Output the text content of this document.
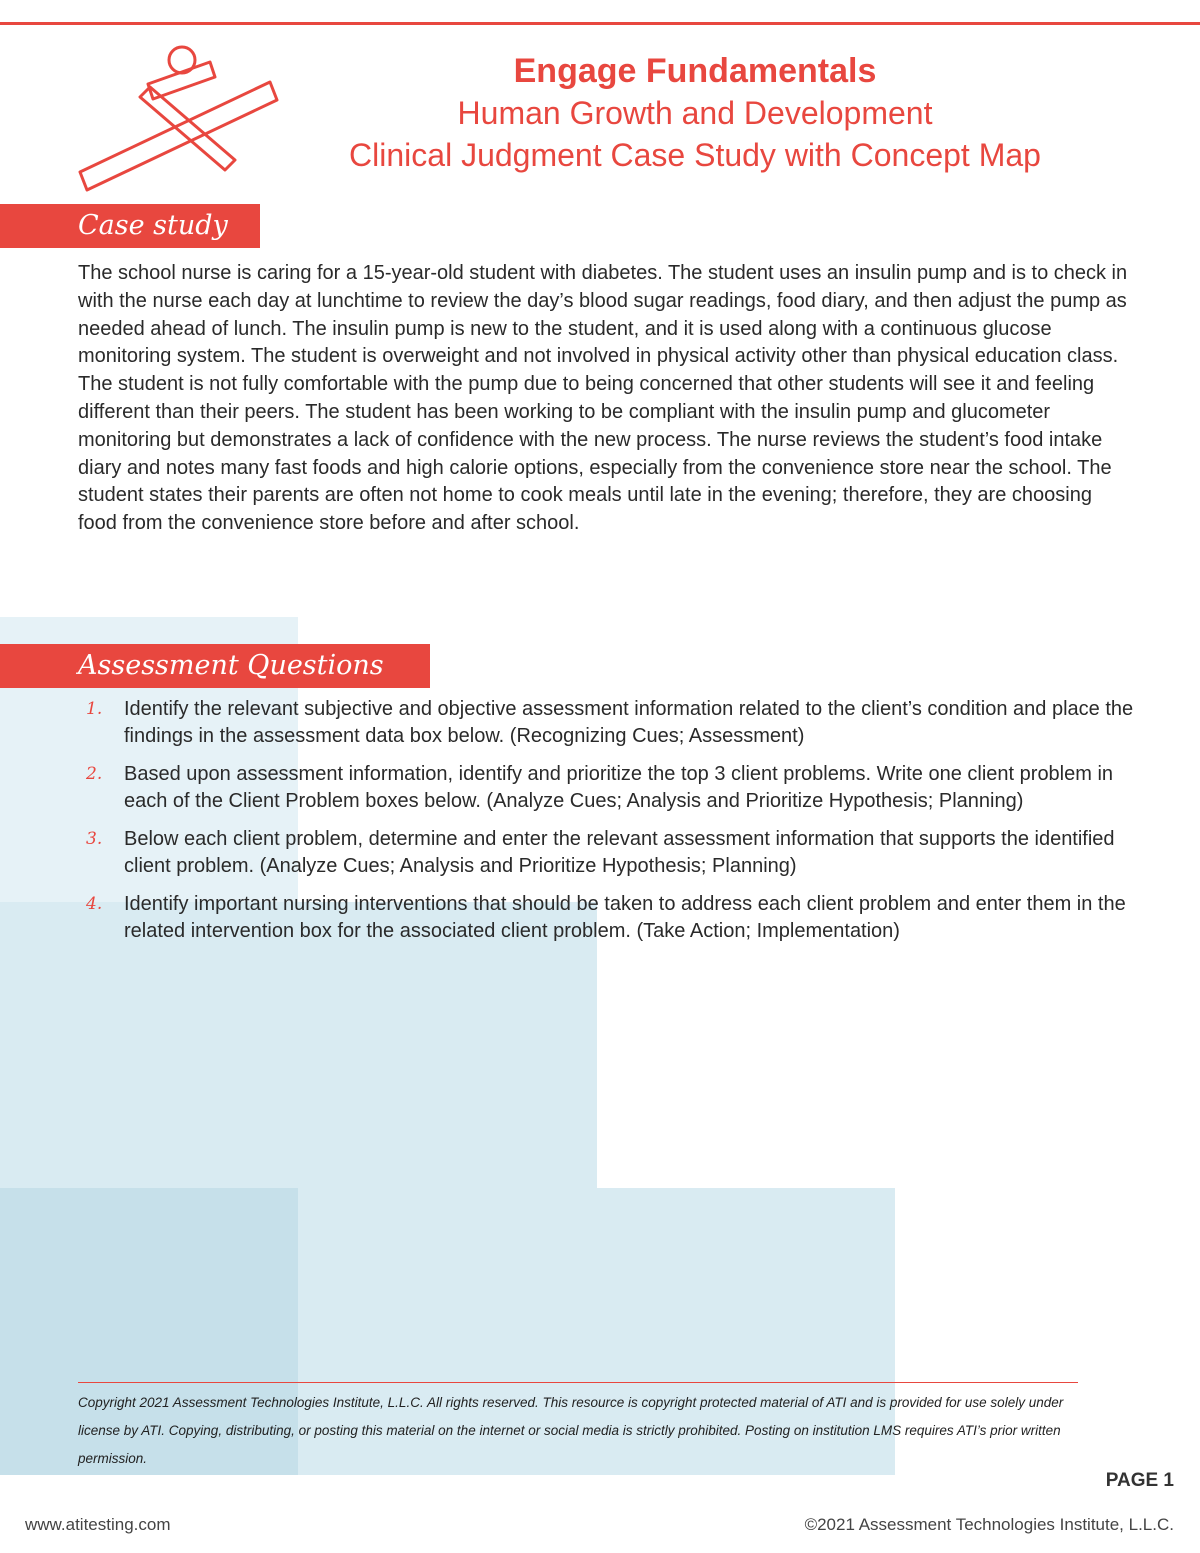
Engage Fundamentals
Human Growth and Development
Clinical Judgment Case Study with Concept Map
Case study

The school nurse is caring for a 15-year-old student with diabetes. The student uses an insulin pump and is to check in with the nurse each day at lunchtime to review the day’s blood sugar readings, food diary, and then adjust the pump as needed ahead of lunch. The insulin pump is new to the student, and it is used along with a continuous glucose monitoring system. The student is overweight and not involved in physical activity other than physical education class. The student is not fully comfortable with the pump due to being concerned that other students will see it and feeling different than their peers. The student has been working to be compliant with the insulin pump and glucometer monitoring but demonstrates a lack of confidence with the new process. The nurse reviews the student’s food intake diary and notes many fast foods and high calorie options, especially from the convenience store near the school. The student states their parents are often not home to cook meals until late in the evening; therefore, they are choosing food from the convenience store before and after school.

Assessment Questions
1. Identify the relevant subjective and objective assessment information related to the client’s condition and place the findings in the assessment data box below. (Recognizing Cues; Assessment)
2. Based upon assessment information, identify and prioritize the top 3 client problems. Write one client problem in each of the Client Problem boxes below. (Analyze Cues; Analysis and Prioritize Hypothesis; Planning)
3. Below each client problem, determine and enter the relevant assessment information that supports the identified client problem. (Analyze Cues; Analysis and Prioritize Hypothesis; Planning)
4. Identify important nursing interventions that should be taken to address each client problem and enter them in the related intervention box for the associated client problem. (Take Action; Implementation)

Copyright 2021 Assessment Technologies Institute, L.L.C. All rights reserved. This resource is copyright protected material of ATI and is provided for use solely under license by ATI. Copying, distributing, or posting this material on the internet or social media is strictly prohibited. Posting on institution LMS requires ATI’s prior written permission.

PAGE 1
www.atitesting.com	©2021 Assessment Technologies Institute, L.L.C.
